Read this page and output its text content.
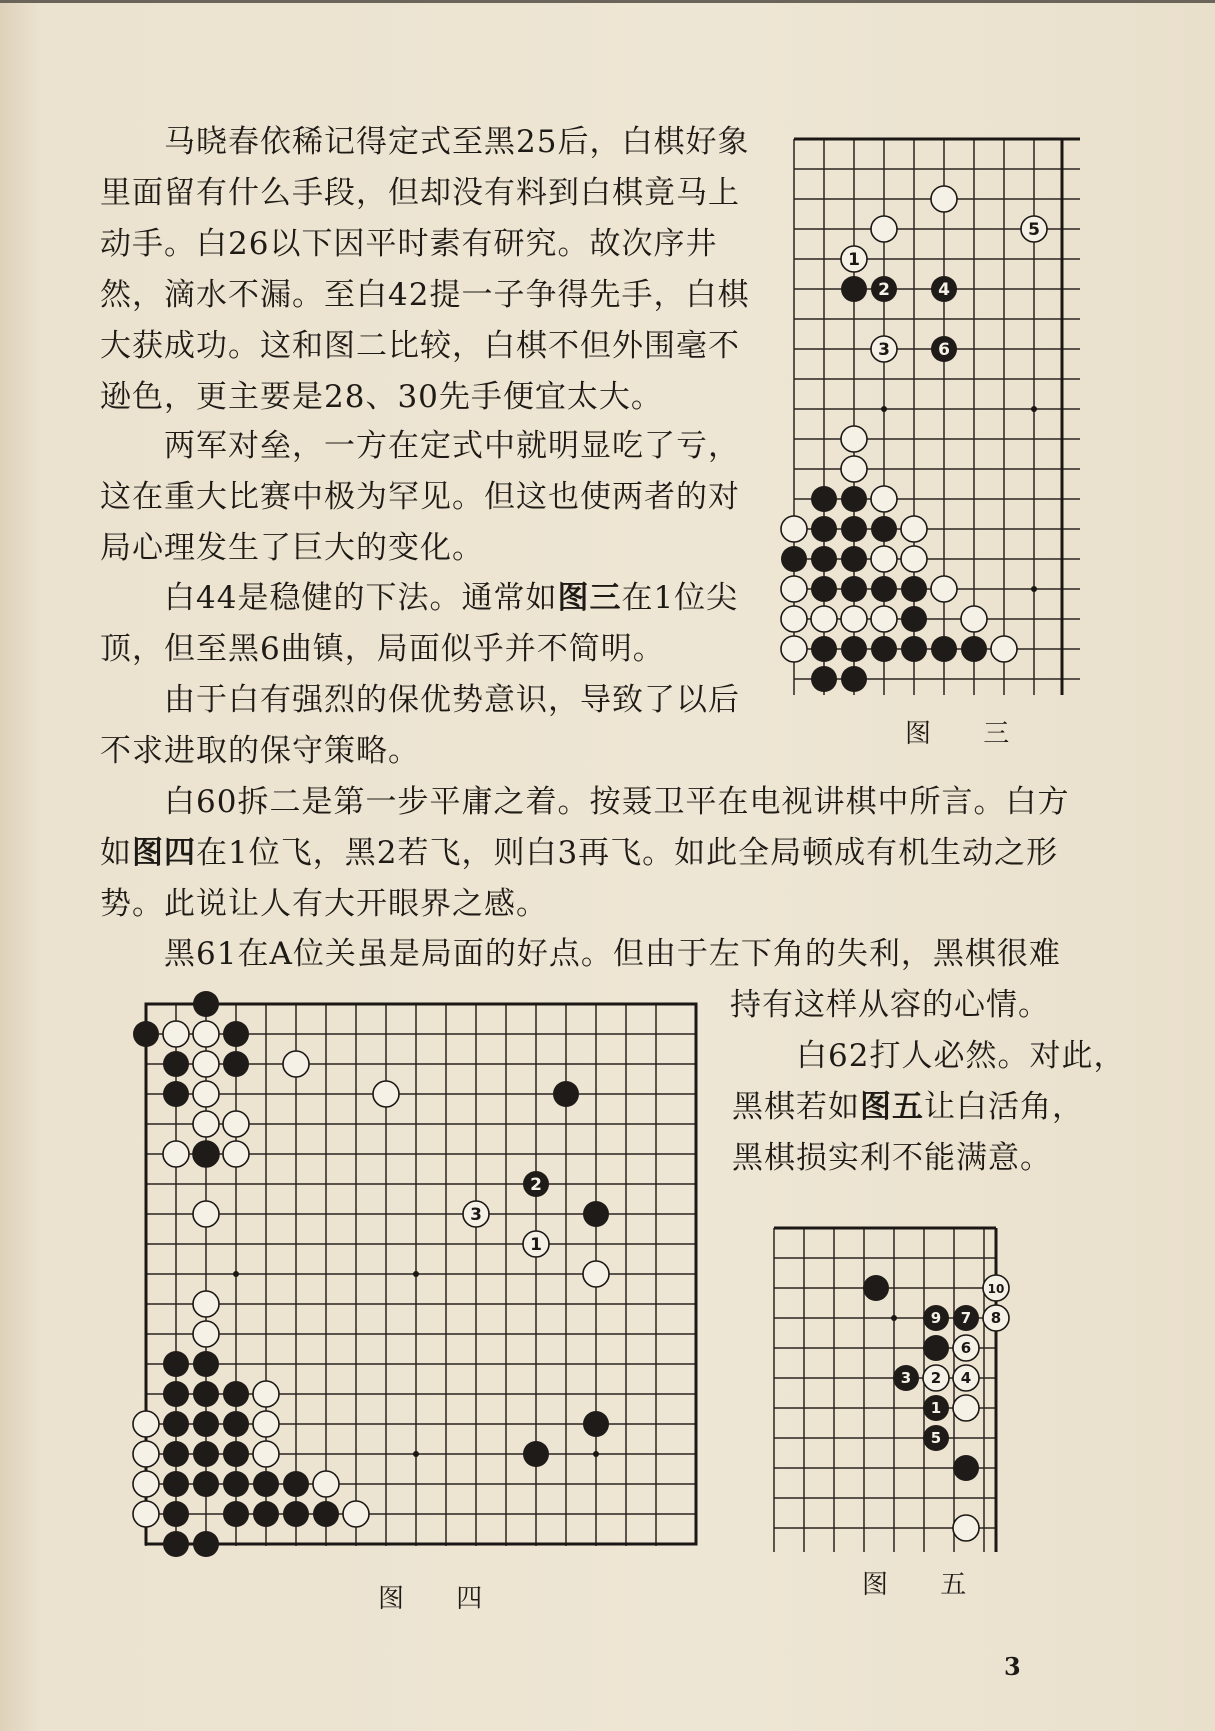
　　马晓春依稀记得定式至黑25后，白棋好象
里面留有什么手段，但却没有料到白棋竟马上
动手。白26以下因平时素有研究。故次序井
然，滴水不漏。至白42提一子争得先手，白棋
大获成功。这和图二比较，白棋不但外围毫不
逊色，更主要是28、30先手便宜太大。
　　两军对垒，一方在定式中就明显吃了亏，
这在重大比赛中极为罕见。但这也使两者的对
局心理发生了巨大的变化。
　　白44是稳健的下法。通常如图三在1位尖
顶，但至黑6曲镇，局面似乎并不简明。
　　由于白有强烈的保优势意识，导致了以后
不求进取的保守策略。
　　白60拆二是第一步平庸之着。按聂卫平在电视讲棋中所言。白方
如图四在1位飞，黑2若飞，则白3再飞。如此全局顿成有机生动之形
势。此说让人有大开眼界之感。
　　黑61在A位关虽是局面的好点。但由于左下角的失利，黑棋很难
持有这样从容的心情。
　　白62打人必然。对此，
黑棋若如图五让白活角，
黑棋损实利不能满意。

1
2
3
4
5
6
图 三
1
2
3
图 四
1
2
3	4
5
6
7 8
9
10
图 五
3
